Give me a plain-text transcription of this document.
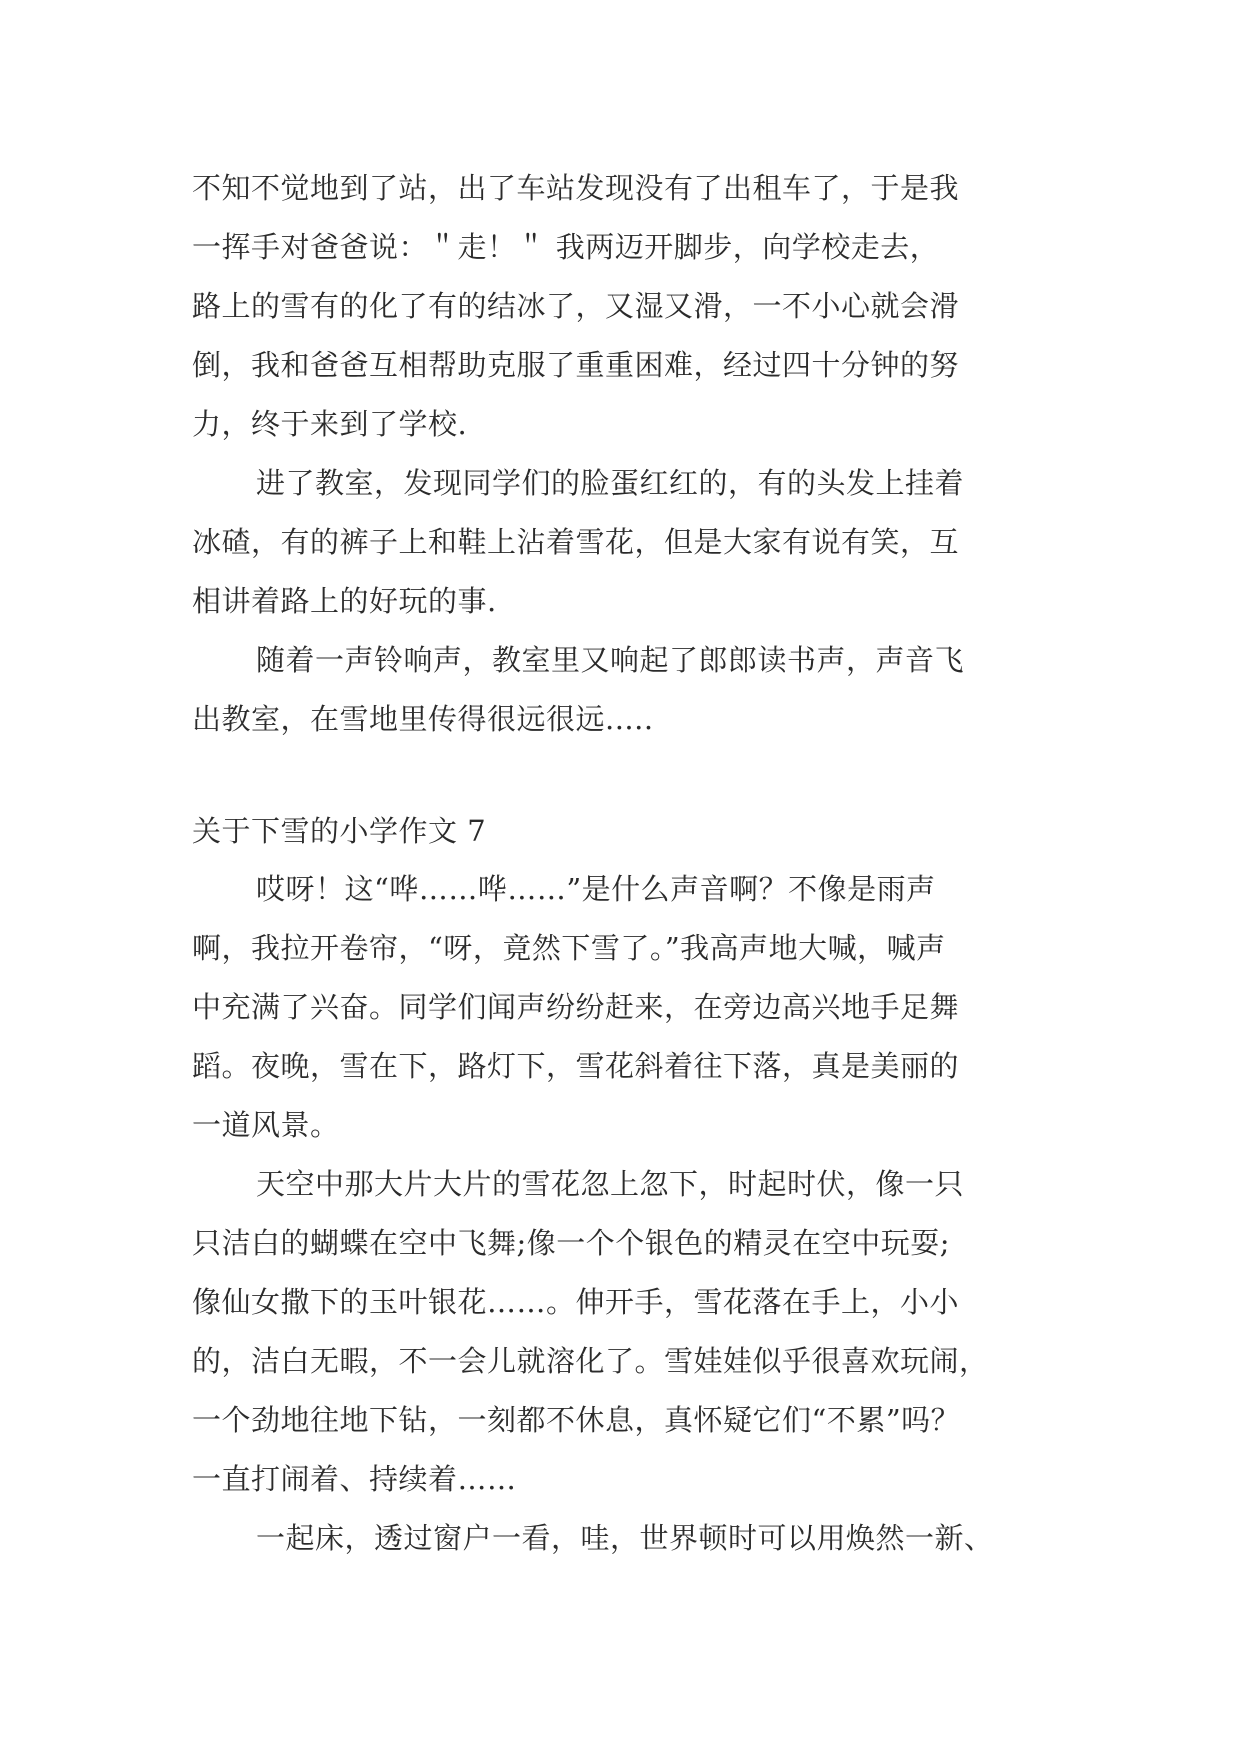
不知不觉地到了站，出了车站发现没有了出租车了，于是我
一挥手对爸爸说：＂走！＂ 我两迈开脚步，向学校走去，
路上的雪有的化了有的结冰了，又湿又滑，一不小心就会滑
倒，我和爸爸互相帮助克服了重重困难，经过四十分钟的努
力，终于来到了学校.
进了教室，发现同学们的脸蛋红红的，有的头发上挂着
冰碴，有的裤子上和鞋上沾着雪花，但是大家有说有笑，互
相讲着路上的好玩的事.
随着一声铃响声，教室里又响起了郎郎读书声，声音飞
出教室，在雪地里传得很远很远.....
关于下雪的小学作文 7
哎呀！这“哗……哗……”是什么声音啊？不像是雨声
啊，我拉开卷帘，“呀，竟然下雪了。”我高声地大喊，喊声
中充满了兴奋。同学们闻声纷纷赶来，在旁边高兴地手足舞
蹈。夜晚，雪在下，路灯下，雪花斜着往下落，真是美丽的
一道风景。
天空中那大片大片的雪花忽上忽下，时起时伏，像一只
只洁白的蝴蝶在空中飞舞;像一个个银色的精灵在空中玩耍;
像仙女撒下的玉叶银花……。伸开手，雪花落在手上，小小
的，洁白无暇，不一会儿就溶化了。雪娃娃似乎很喜欢玩闹，
一个劲地往地下钻，一刻都不休息，真怀疑它们“不累”吗？
一直打闹着、持续着……
一起床，透过窗户一看，哇，世界顿时可以用焕然一新、
